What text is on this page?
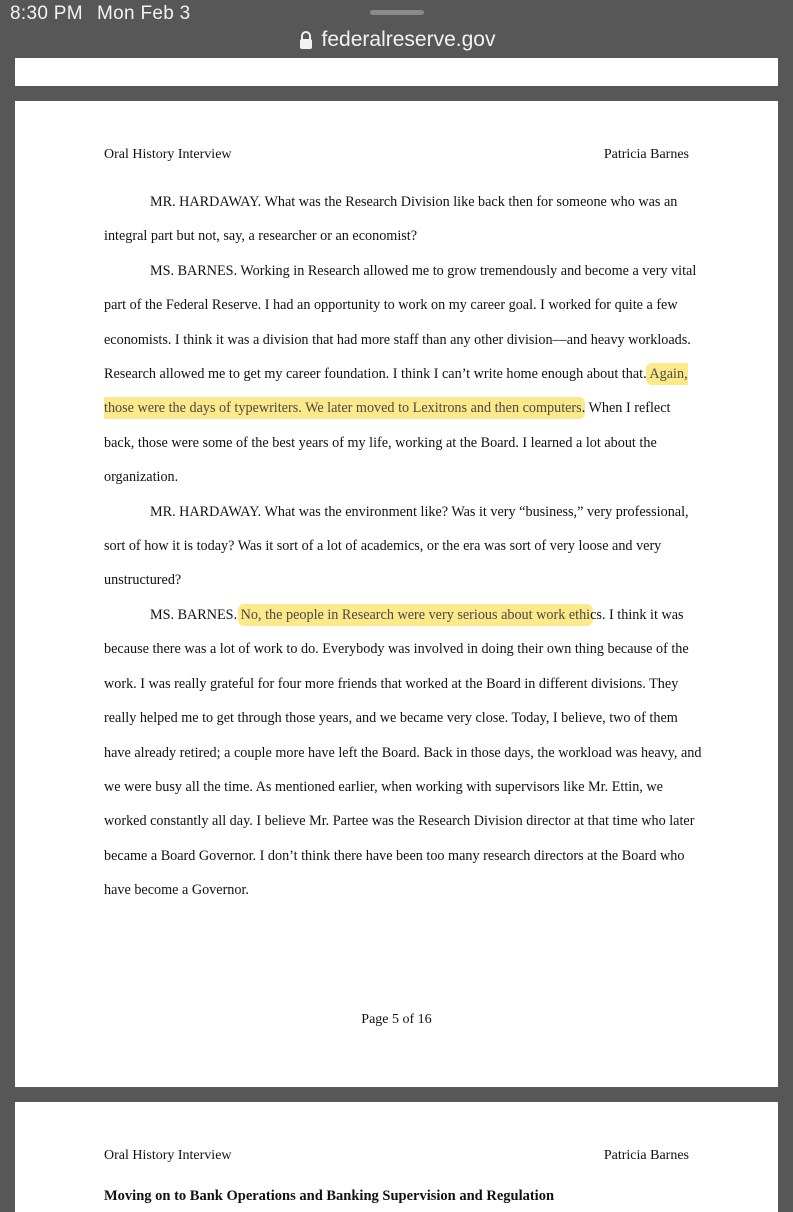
8:30 PM Mon Feb 3
federalreserve.gov
Oral History Interview	Patricia Barnes

MR. HARDAWAY. What was the Research Division like back then for someone who was an integral part but not, say, a researcher or an economist?

MS. BARNES. Working in Research allowed me to grow tremendously and become a very vital part of the Federal Reserve. I had an opportunity to work on my career goal. I worked for quite a few economists. I think it was a division that had more staff than any other division—and heavy workloads. Research allowed me to get my career foundation. I think I can’t write home enough about that. Again, those were the days of typewriters. We later moved to Lexitrons and then computers. When I reflect back, those were some of the best years of my life, working at the Board. I learned a lot about the organization.

MR. HARDAWAY. What was the environment like? Was it very “business,” very professional, sort of how it is today? Was it sort of a lot of academics, or the era was sort of very loose and very unstructured?

MS. BARNES. No, the people in Research were very serious about work ethics. I think it was because there was a lot of work to do. Everybody was involved in doing their own thing because of the work. I was really grateful for four more friends that worked at the Board in different divisions. They really helped me to get through those years, and we became very close. Today, I believe, two of them have already retired; a couple more have left the Board. Back in those days, the workload was heavy, and we were busy all the time. As mentioned earlier, when working with supervisors like Mr. Ettin, we worked constantly all day. I believe Mr. Partee was the Research Division director at that time who later became a Board Governor. I don’t think there have been too many research directors at the Board who have become a Governor.

Page 5 of 16
Oral History Interview	Patricia Barnes
Moving on to Bank Operations and Banking Supervision and Regulation
